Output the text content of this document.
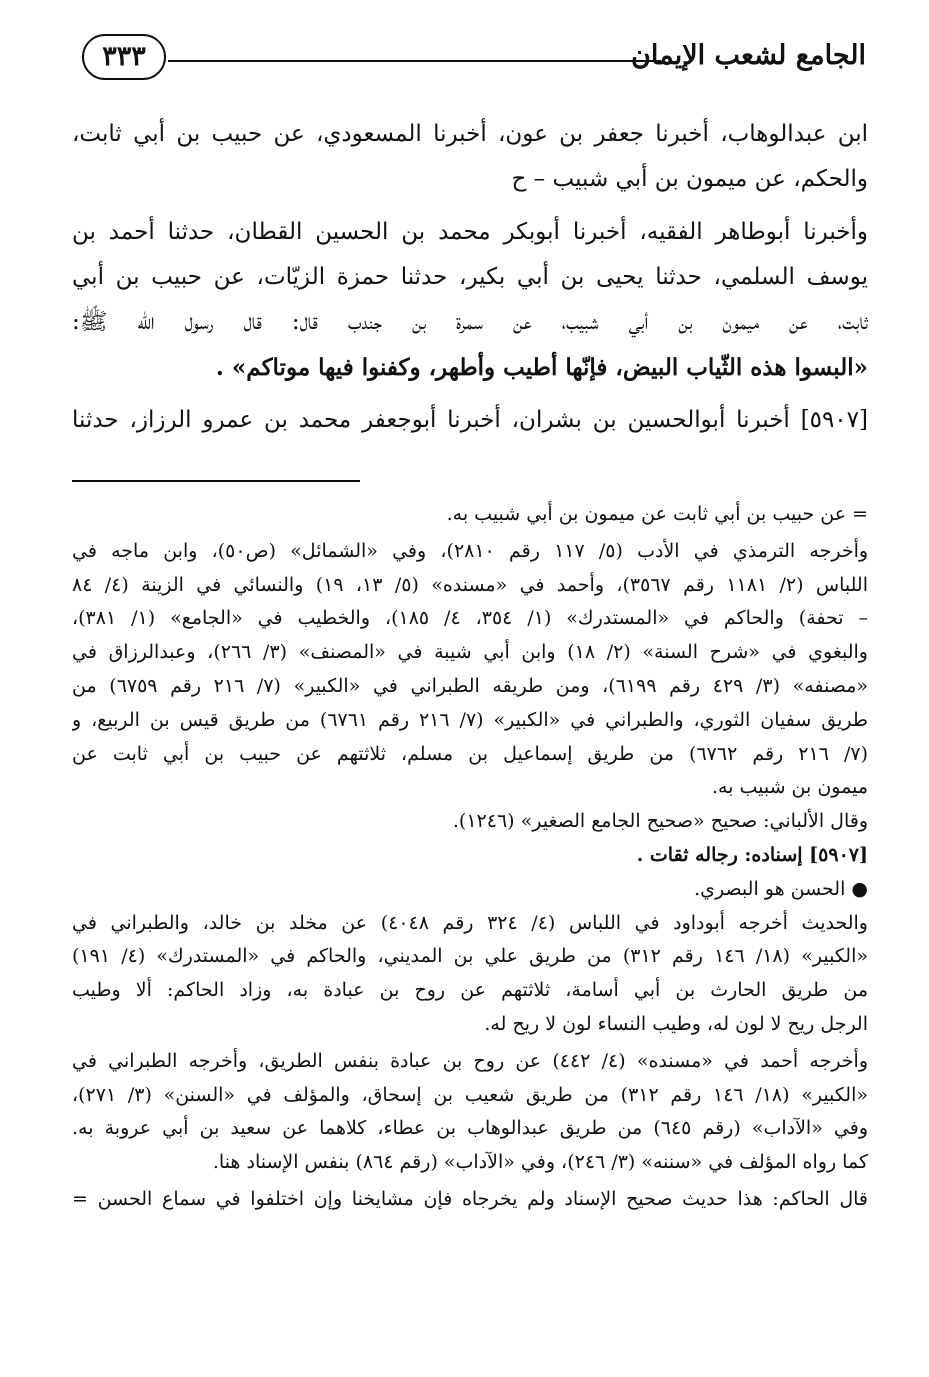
الجامع لشعب الإيمان
٣٣٣
ابن عبدالوهاب، أخبرنا جعفر بن عون، أخبرنا المسعودي، عن حبيب بن أبي ثابت،
والحكم، عن ميمون بن أبي شبيب – ح
وأخبرنا أبوطاهر الفقيه، أخبرنا أبوبكر محمد بن الحسين القطان، حدثنا أحمد بن
يوسف السلمي، حدثنا يحيى بن أبي بكير، حدثنا حمزة الزيّات، عن حبيب بن أبي
ثابت، عن ميمون بن أبي شبيب، عن سمرة بن جندب قال: قال رسول الله ﷺ:
«البسوا هذه الثّياب البيض، فإنّها أطيب وأطهر، وكفنوا فيها موتاكم» .
[٥٩٠٧] أخبرنا أبوالحسين بن بشران، أخبرنا أبوجعفر محمد بن عمرو الرزاز، حدثنا
= عن حبيب بن أبي ثابت عن ميمون بن أبي شبيب به.
وأخرجه الترمذي في الأدب (٥/ ١١٧ رقم ٢٨١٠)، وفي «الشمائل» (ص٥٠)، وابن ماجه في
اللباس (٢/ ١١٨١ رقم ٣٥٦٧)، وأحمد في «مسنده» (٥/ ١٣، ١٩) والنسائي في الزينة (٤/ ٨٤
– تحفة) والحاكم في «المستدرك» (١/ ٣٥٤، ٤/ ١٨٥)، والخطيب في «الجامع» (١/ ٣٨١)،
والبغوي في «شرح السنة» (٢/ ١٨) وابن أبي شيبة في «المصنف» (٣/ ٢٦٦)، وعبدالرزاق في
«مصنفه» (٣/ ٤٢٩ رقم ٦١٩٩)، ومن طريقه الطبراني في «الكبير» (٧/ ٢١٦ رقم ٦٧٥٩) من
طريق سفيان الثوري، والطبراني في «الكبير» (٧/ ٢١٦ رقم ٦٧٦١) من طريق قيس بن الربيع، و
(٧/ ٢١٦ رقم ٦٧٦٢) من طريق إسماعيل بن مسلم، ثلاثتهم عن حبيب بن أبي ثابت عن
ميمون بن شبيب به.
وقال الألباني: صحيح «صحيح الجامع الصغير» (١٢٤٦).
[٥٩٠٧] إسناده: رجاله ثقات .
● الحسن هو البصري.
والحديث أخرجه أبوداود في اللباس (٤/ ٣٢٤ رقم ٤٠٤٨) عن مخلد بن خالد، والطبراني في
«الكبير» (١٨/ ١٤٦ رقم ٣١٢) من طريق علي بن المديني، والحاكم في «المستدرك» (٤/ ١٩١)
من طريق الحارث بن أبي أسامة، ثلاثتهم عن روح بن عبادة به، وزاد الحاكم: ألا وطيب
الرجل ريح لا لون له، وطيب النساء لون لا ريح له.
وأخرجه أحمد في «مسنده» (٤/ ٤٤٢) عن روح بن عبادة بنفس الطريق، وأخرجه الطبراني في
«الكبير» (١٨/ ١٤٦ رقم ٣١٢) من طريق شعيب بن إسحاق، والمؤلف في «السنن» (٣/ ٢٧١)،
وفي «الآداب» (رقم ٦٤٥) من طريق عبدالوهاب بن عطاء، كلاهما عن سعيد بن أبي عروبة به.
كما رواه المؤلف في «سننه» (٣/ ٢٤٦)، وفي «الآداب» (رقم ٨٦٤) بنفس الإسناد هنا.
قال الحاكم: هذا حديث صحيح الإسناد ولم يخرجاه فإن مشايخنا وإن اختلفوا في سماع الحسن =
